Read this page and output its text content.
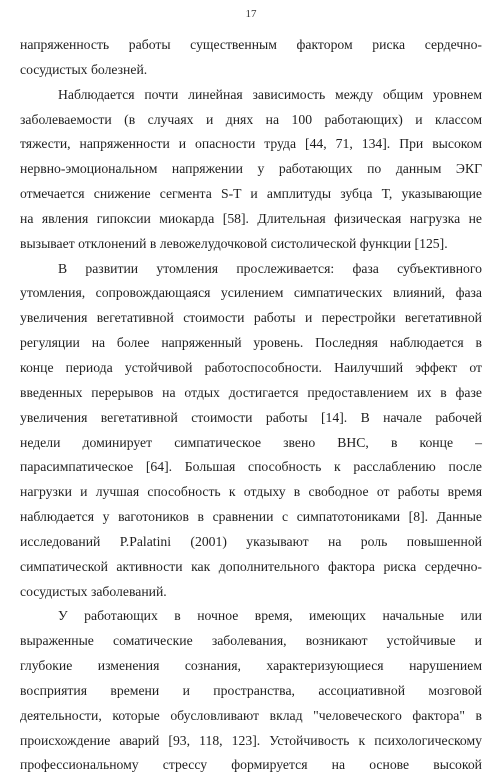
17
напряженность работы существенным фактором риска сердечно-
сосудистых болезней.
Наблюдается почти линейная зависимость между общим уровнем
заболеваемости (в случаях и днях на 100 работающих) и классом
тяжести, напряженности и опасности труда [44, 71, 134]. При высоком
нервно-эмоциональном напряжении у работающих по данным ЭКГ
отмечается снижение сегмента S-T и амплитуды зубца T, указывающие
на явления гипоксии миокарда [58]. Длительная физическая нагрузка не
вызывает отклонений в левожелудочковой систолической функции [125].
В развитии утомления прослеживается: фаза субъективного
утомления, сопровождающаяся усилением симпатических влияний, фаза
увеличения вегетативной стоимости работы и перестройки вегетативной
регуляции на более напряженный уровень. Последняя наблюдается в
конце периода устойчивой работоспособности. Наилучший эффект от
введенных перерывов на отдых достигается предоставлением их в фазе
увеличения вегетативной стоимости работы [14]. В начале рабочей
недели доминирует симпатическое звено ВНС, в конце –
парасимпатическое [64]. Большая способность к расслаблению после
нагрузки и лучшая способность к отдыху в свободное от работы время
наблюдается у ваготоников в сравнении с симпатотониками [8]. Данные
исследований P.Palatini (2001) указывают на роль повышенной
симпатической активности как дополнительного фактора риска сердечно-
сосудистых заболеваний.
У работающих в ночное время, имеющих начальные или
выраженные соматические заболевания, возникают устойчивые и
глубокие изменения сознания, характеризующиеся нарушением
восприятия времени и пространства, ассоциативной мозговой
деятельности, которые обусловливают вклад "человеческого фактора" в
происхождение аварий [93, 118, 123]. Устойчивость к психологическому
профессиональному стрессу формируется на основе высокой
